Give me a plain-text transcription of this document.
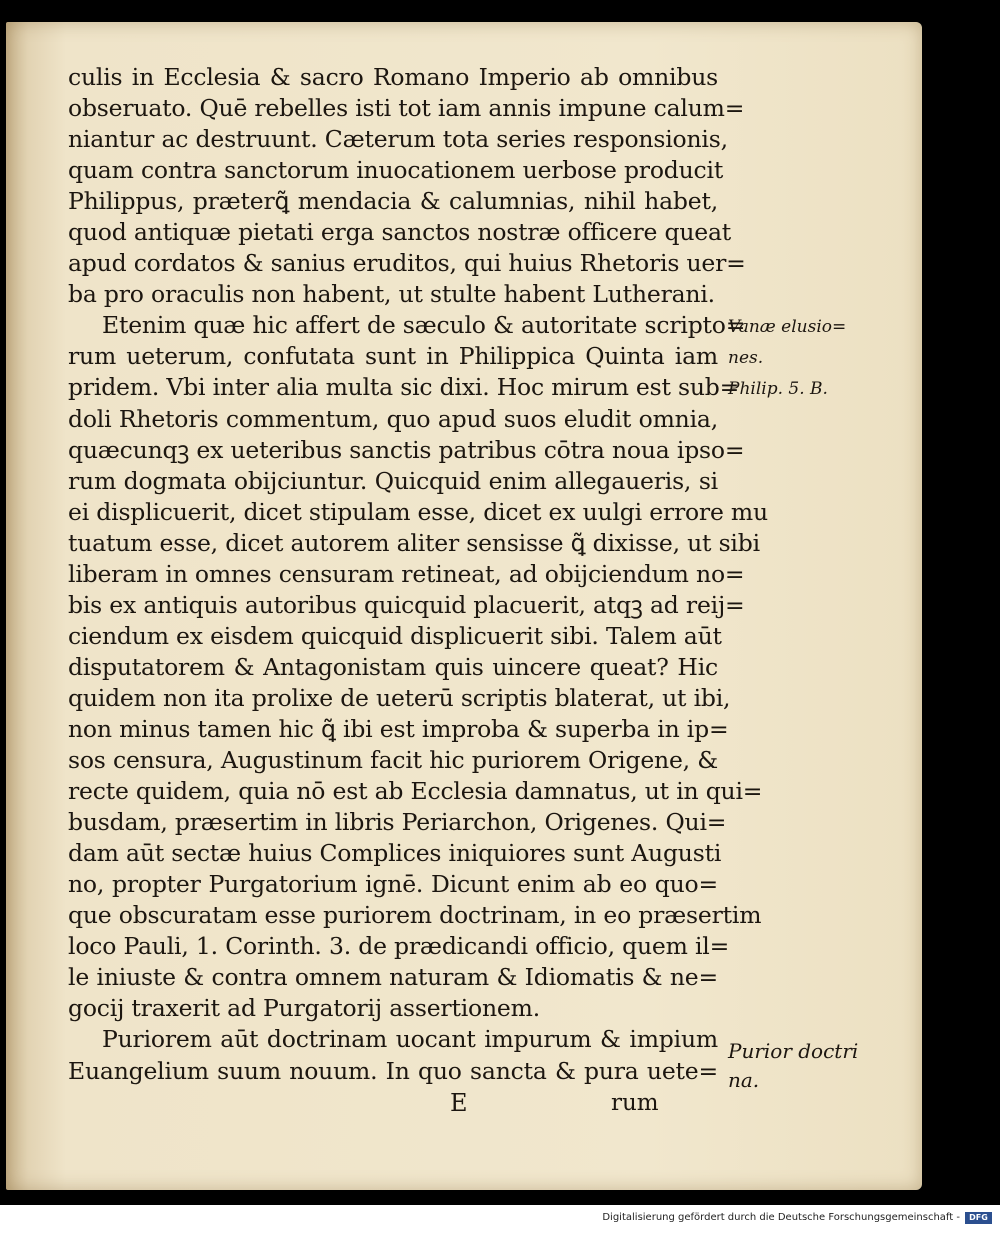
culis in Ecclesia & sacro Romano Imperio ab omnibus
obseruato. Quē rebelles isti tot iam annis impune calum=
niantur ac destruunt. Cæterum tota series responsionis,
quam contra sanctorum inuocationem uerbose producit
Philippus, præterꝗ͂ mendacia & calumnias, nihil habet,
quod antiquæ pietati erga sanctos nostræ officere queat
apud cordatos & sanius eruditos, qui huius Rhetoris uer=
ba pro oraculis non habent, ut stulte habent Lutherani.
Etenim quæ hic affert de sæculo & autoritate scripto=
rum ueterum, confutata sunt in Philippica Quinta iam
pridem. Vbi inter alia multa sic dixi. Hoc mirum est sub=
doli Rhetoris commentum, quo apud suos eludit omnia,
quæcunqꝫ ex ueteribus sanctis patribus cōtra noua ipso=
rum dogmata obijciuntur. Quicquid enim allegaueris, si
ei displicuerit, dicet stipulam esse, dicet ex uulgi errore mu
tuatum esse, dicet autorem aliter sensisse ꝗ͂ dixisse, ut sibi
liberam in omnes censuram retineat, ad obijciendum no=
bis ex antiquis autoribus quicquid placuerit, atqꝫ ad reij=
ciendum ex eisdem quicquid displicuerit sibi. Talem aūt
disputatorem & Antagonistam quis uincere queat? Hic
quidem non ita prolixe de ueterū scriptis blaterat, ut ibi,
non minus tamen hic ꝗ͂ ibi est improba & superba in ip=
sos censura, Augustinum facit hic puriorem Origene, &
recte quidem, quia nō est ab Ecclesia damnatus, ut in qui=
busdam, præsertim in libris Periarchon, Origenes. Qui=
dam aūt sectæ huius Complices iniquiores sunt Augusti
no, propter Purgatorium ignē. Dicunt enim ab eo quo=
que obscuratam esse puriorem doctrinam, in eo præsertim
loco Pauli, 1. Corinth. 3. de prædicandi officio, quem il=
le iniuste & contra omnem naturam & Idiomatis & ne=
gocij traxerit ad Purgatorij assertionem.
Puriorem aūt doctrinam uocant impurum & impium
Euangelium suum nouum. In quo sancta & pura uete=
Vanæ elusio=
nes.
Philip. 5. B.
Purior doctri
na.
E	rum
Digitalisierung gefördert durch die Deutsche Forschungsgemeinschaft -	DFG
